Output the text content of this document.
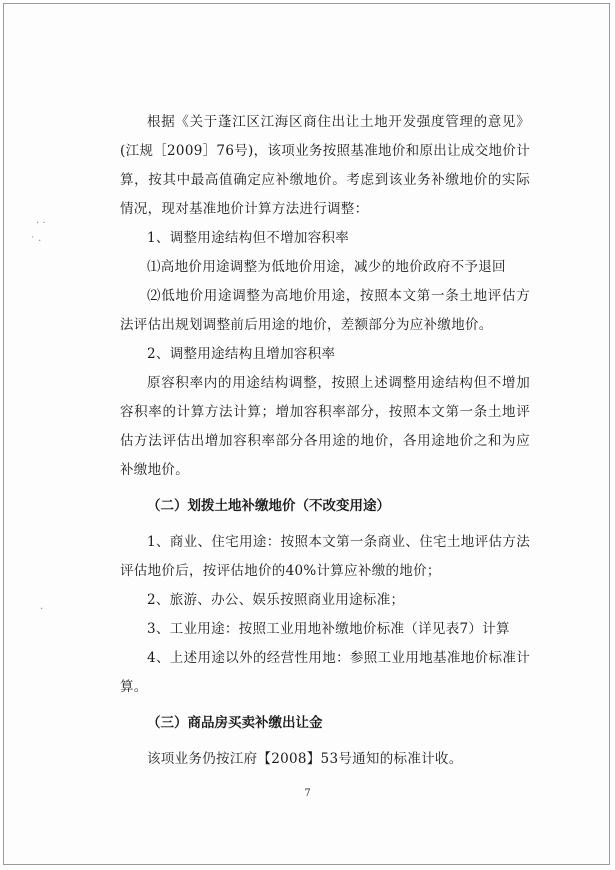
· ·
˙ ·
·

根据《关于蓬江区江海区商住出让土地开发强度管理的意见》(江规［2009］76号)，该项业务按照基准地价和原出让成交地价计算，按其中最高值确定应补缴地价。考虑到该业务补缴地价的实际情况，现对基准地价计算方法进行调整：

1、调整用途结构但不增加容积率

⑴高地价用途调整为低地价用途，减少的地价政府不予退回

⑵低地价用途调整为高地价用途，按照本文第一条土地评估方法评估出规划调整前后用途的地价，差额部分为应补缴地价。

2、调整用途结构且增加容积率

原容积率内的用途结构调整，按照上述调整用途结构但不增加容积率的计算方法计算；增加容积率部分，按照本文第一条土地评估方法评估出增加容积率部分各用途的地价，各用途地价之和为应补缴地价。

（二）划拨土地补缴地价（不改变用途）

1、商业、住宅用途：按照本文第一条商业、住宅土地评估方法评估地价后，按评估地价的40%计算应补缴的地价；

2、旅游、办公、娱乐按照商业用途标准；

3、工业用途：按照工业用地补缴地价标准（详见表7）计算

4、上述用途以外的经营性用地：参照工业用地基准地价标准计算。

（三）商品房买卖补缴出让金

该项业务仍按江府【2008】53号通知的标准计收。

7
